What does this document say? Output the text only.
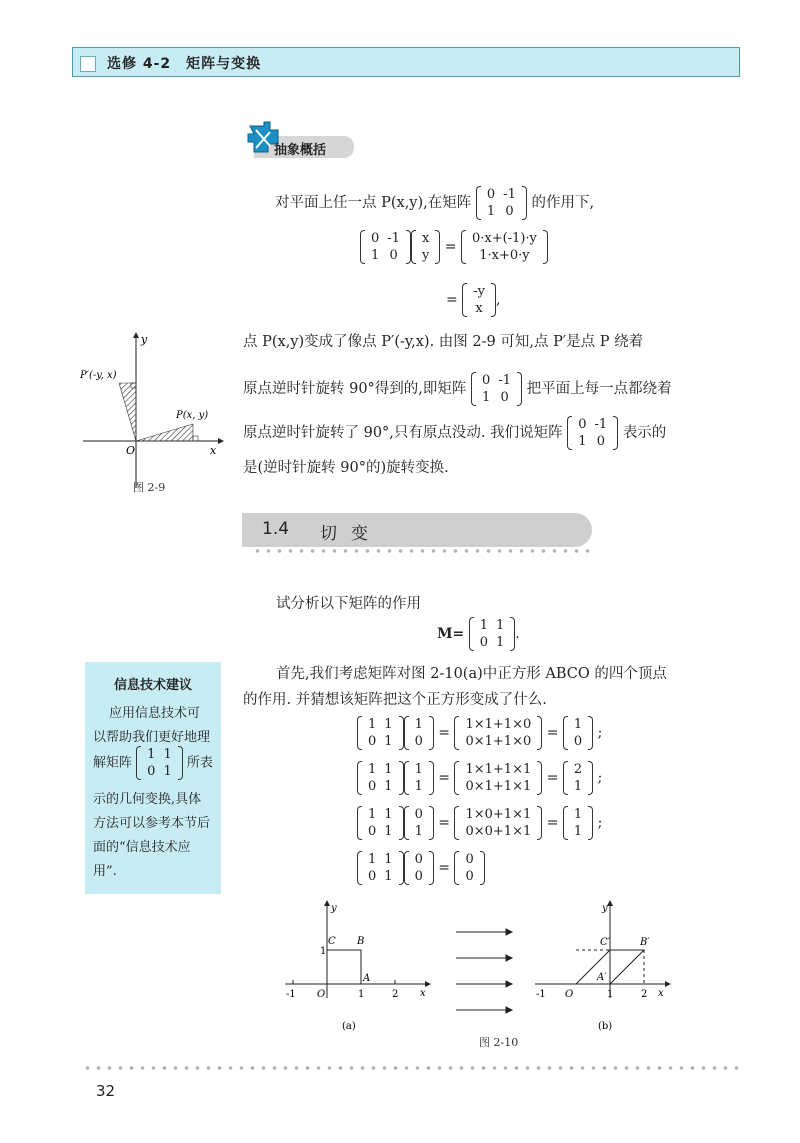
选修 4-2　矩阵与变换
抽象概括
对平面上任一点 P(x,y),在矩阵
0	-1
1	0
的作用下,
0	-1
1	0
x
y
=
0·x+(-1)·y
1·x+0·y
=
-y
x
,
点 P(x,y)变成了像点 P′(-y,x). 由图 2-9 可知,点 P′是点 P 绕着
原点逆时针旋转 90°得到的,即矩阵
0	-1
1	0
把平面上每一点都绕着
原点逆时针旋转了 90°,只有原点没动. 我们说矩阵
0	-1
1	0
表示的
是(逆时针旋转 90°的)旋转变换.
y
x
O
P(x, y)
P′(-y, x)
图 2-9
1.4 切变
试分析以下矩阵的作用
M=
1	1
0	1
.
首先,我们考虑矩阵对图 2-10(a)中正方形 ABCO 的四个顶点
的作用. 并猜想该矩阵把这个正方形变成了什么.
1	1
0	1
1
0
=
1×1+1×0
0×1+1×0
=
1
0
;
1	1
0	1
1
1
=
1×1+1×1
0×1+1×1
=
2
1
;
1	1
0	1
0
1
=
1×0+1×1
0×0+1×1
=
1
1
;
1	1
0	1
0
0
=
0
0
信息技术建议
应用信息技术可
以帮助我们更好地理
解矩阵
1	1
0	1
所表
示的几何变换,具体
方法可以参考本节后
面的“信息技术应
用”.
y
x
O
-1	1	2
1
C B
A
(a)
y
x
O
-1	1	2
C′	B′
A′
(b)
图 2-10
32
